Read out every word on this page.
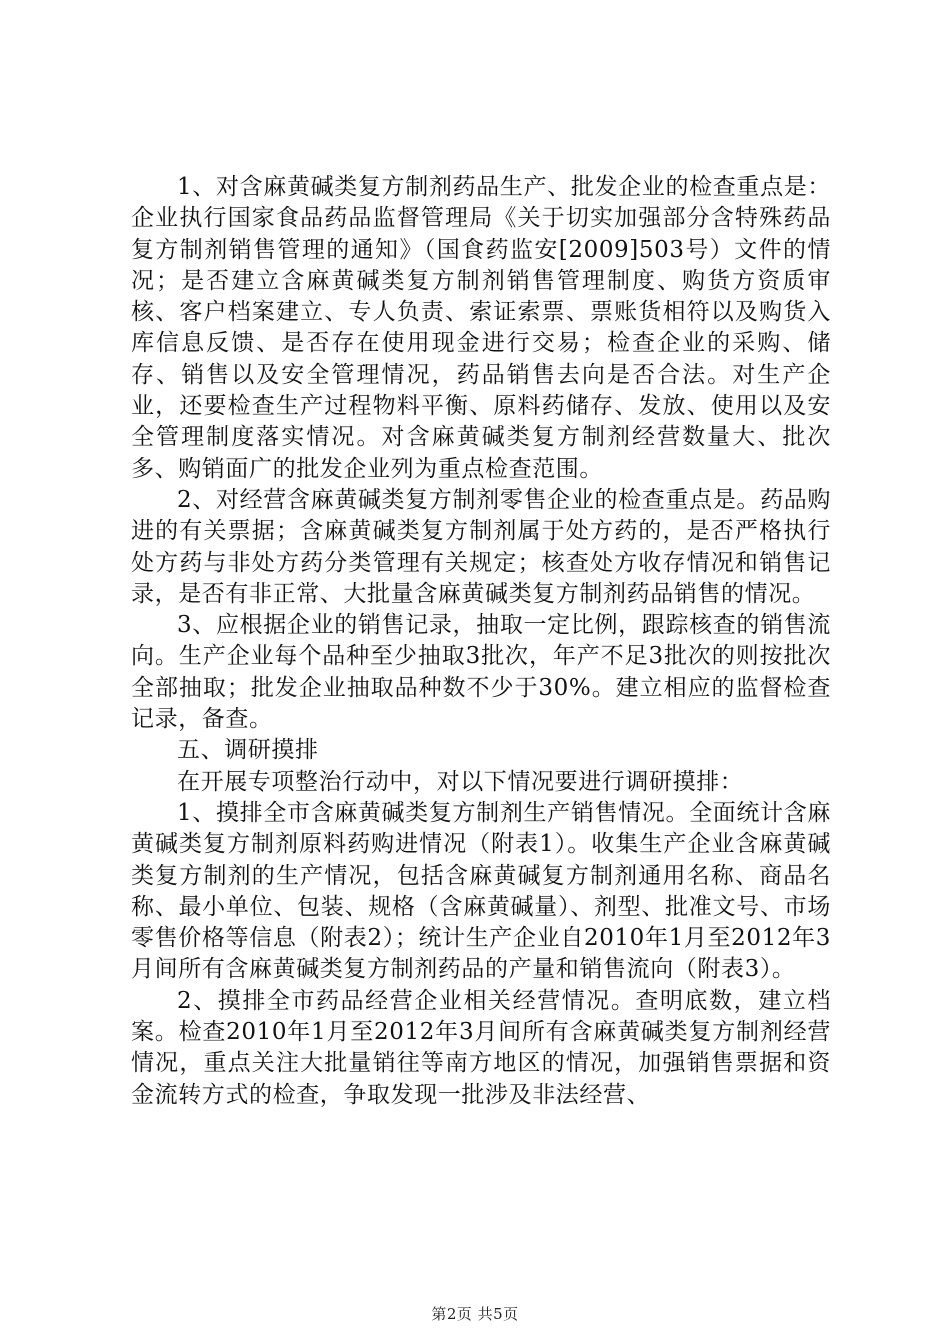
1、对含麻黄碱类复方制剂药品生产、批发企业的检查重点是：企业执行国家食品药品监督管理局《关于切实加强部分含特殊药品复方制剂销售管理的通知》（国食药监安[2009]503号）文件的情况；是否建立含麻黄碱类复方制剂销售管理制度、购货方资质审核、客户档案建立、专人负责、索证索票、票账货相符以及购货入库信息反馈、是否存在使用现金进行交易；检查企业的采购、储存、销售以及安全管理情况，药品销售去向是否合法。对生产企业，还要检查生产过程物料平衡、原料药储存、发放、使用以及安全管理制度落实情况。对含麻黄碱类复方制剂经营数量大、批次多、购销面广的批发企业列为重点检查范围。

2、对经营含麻黄碱类复方制剂零售企业的检查重点是。药品购进的有关票据；含麻黄碱类复方制剂属于处方药的，是否严格执行处方药与非处方药分类管理有关规定；核查处方收存情况和销售记录，是否有非正常、大批量含麻黄碱类复方制剂药品销售的情况。

3、应根据企业的销售记录，抽取一定比例，跟踪核查的销售流向。生产企业每个品种至少抽取3批次，年产不足3批次的则按批次全部抽取；批发企业抽取品种数不少于30%。建立相应的监督检查记录，备查。

五、调研摸排

在开展专项整治行动中，对以下情况要进行调研摸排：

1、摸排全市含麻黄碱类复方制剂生产销售情况。全面统计含麻黄碱类复方制剂原料药购进情况（附表1）。收集生产企业含麻黄碱类复方制剂的生产情况，包括含麻黄碱复方制剂通用名称、商品名称、最小单位、包装、规格（含麻黄碱量）、剂型、批准文号、市场零售价格等信息（附表2）；统计生产企业自2010年1月至2012年3月间所有含麻黄碱类复方制剂药品的产量和销售流向（附表3）。

2、摸排全市药品经营企业相关经营情况。查明底数，建立档案。检查2010年1月至2012年3月间所有含麻黄碱类复方制剂经营情况，重点关注大批量销往等南方地区的情况，加强销售票据和资金流转方式的检查，争取发现一批涉及非法经营、

第2页 共5页
